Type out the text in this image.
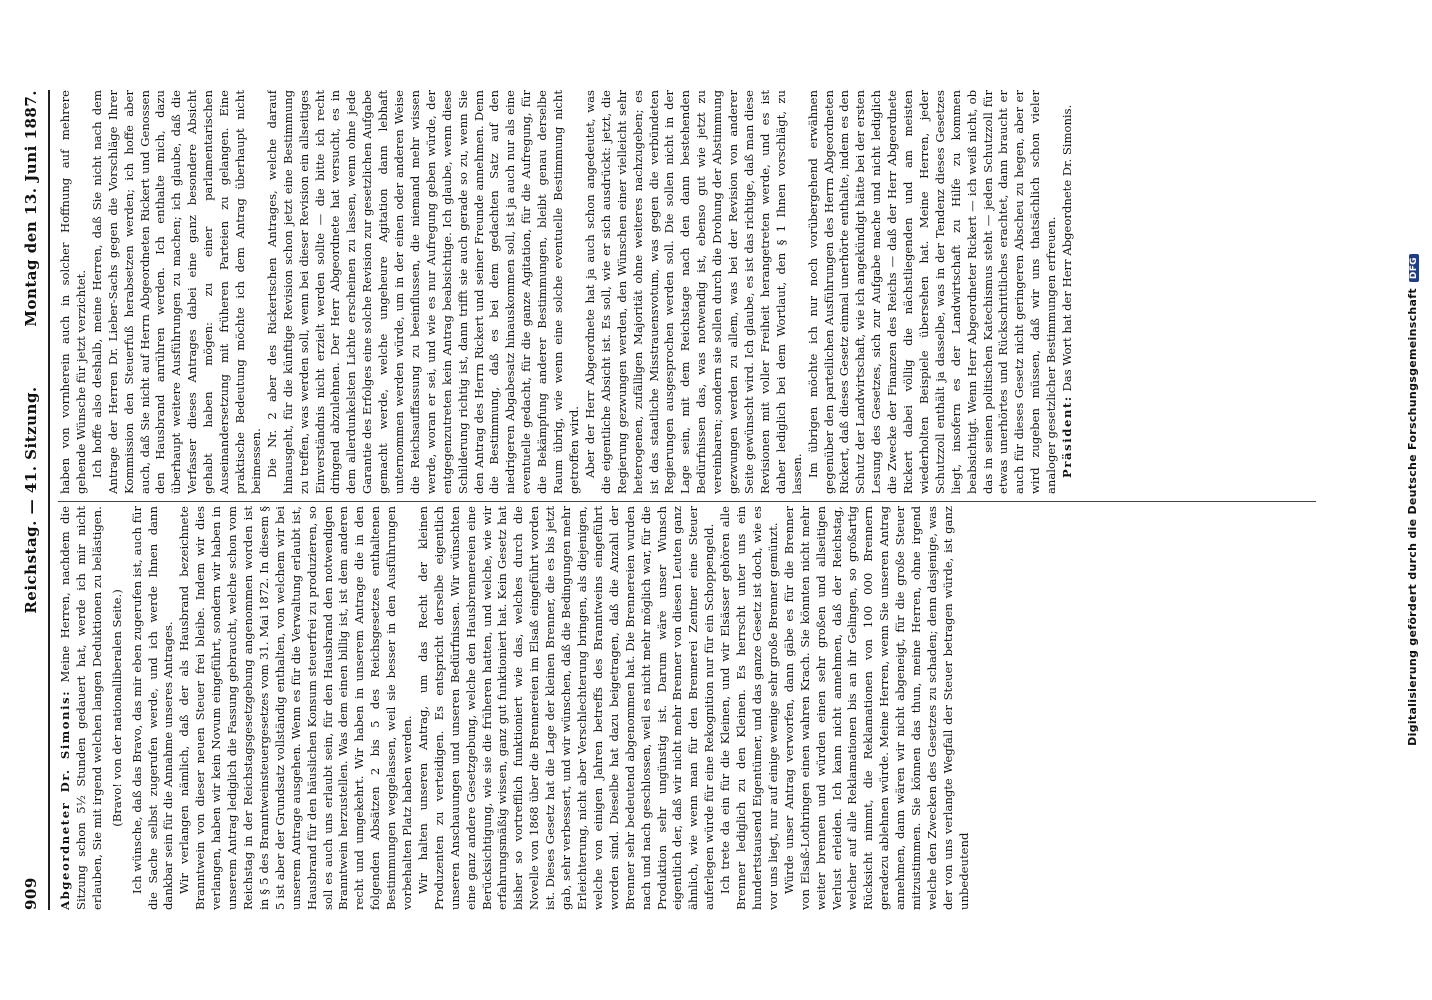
909
Reichstag. — 41. Sitzung.
Montag den 13. Juni 1887.

Abgeordneter Dr. Simonis: Meine Herren, nachdem die Sitzung schon 5½ Stunden gedauert hat, werde ich mir nicht erlauben, Sie mit irgend welchen langen Deduktionen zu belästigen. (Bravo! von der nationalliberalen Seite.) Ich wünsche, daß das Bravo, das mir eben zugerufen ist, auch für die Sache selbst zugerufen werde, und ich werde Ihnen dann dankbar sein für die Annahme unseres Antrages. Wir verlangen nämlich, daß der als Hausbrand bezeichnete Branntwein von dieser neuen Steuer frei bleibe. Indem wir dies verlangen, haben wir kein Novum eingeführt, sondern wir haben in unserem Antrag lediglich die Fassung gebraucht, welche schon vom Reichstag in der Reichstagsgesetzgebung angenommen worden ist in § 5 des Branntweinsteuergesetzes vom 31. Mai 1872. In diesem § 5 ist aber der Grundsatz vollständig enthalten, von welchem wir bei unserem Antrage ausgehen. Wenn es für die Verwaltung erlaubt ist, Hausbrand für den häuslichen Konsum steuerfrei zu produzieren, so soll es auch uns erlaubt sein, für den Hausbrand den notwendigen Branntwein herzustellen. Was dem einen billig ist, ist dem anderen recht und umgekehrt. Wir haben in unserem Antrage die in den folgenden Absätzen 2 bis 5 des Reichsgesetzes enthaltenen Bestimmungen weggelassen, weil sie besser in den Ausführungen vorbehalten Platz haben werden. Wir halten unseren Antrag, um das Recht der kleinen Produzenten zu verteidigen. Es entspricht derselbe eigentlich unseren Anschauungen und unseren Bedürfnissen. Wir wünschten eine ganz andere Gesetzgebung, welche den Hausbrennereien eine Berücksichtigung, wie sie die früheren hatten, und welche, wie wir erfahrungsmäßig wissen, ganz gut funktioniert hat. Kein Gesetz hat bisher so vortrefflich funktioniert wie das, welches durch die Novelle von 1868 über die Brennereien im Elsaß eingeführt worden ist. Dieses Gesetz hat die Lage der kleinen Brenner, die es bis jetzt gab, sehr verbessert, und wir wünschen, daß die Bedingungen mehr Erleichterung, nicht aber Verschlechterung bringen, als diejenigen, welche von einigen Jahren betreffs des Branntweins eingeführt worden sind. Dieselbe hat dazu beigetragen, daß die Anzahl der Brenner sehr bedeutend abgenommen hat. Die Brennereien wurden nach und nach geschlossen, weil es nicht mehr möglich war, für die Produktion sehr ungünstig ist. Darum wäre unser Wunsch eigentlich der, daß wir nicht mehr Brenner von diesen Leuten ganz ähnlich, wie wenn man für den Brennerei Zentner eine Steuer auferlegen würde für eine Rekognition nur für ein Schoppengeld. Ich trete da ein für die Kleinen, und wir Elsässer gehören alle Brenner lediglich zu den Kleinen. Es herrscht unter uns ein hundertstausend Eigentümer, und das ganze Gesetz ist doch, wie es vor uns liegt, nur auf einige wenige sehr große Brenner gemünzt. Würde unser Antrag verworfen, dann gäbe es für die Brenner von Elsaß-Lothringen einen wahren Krach. Sie könnten nicht mehr weiter brennen und würden einen sehr großen und allseitigen Verlust erleiden. Ich kann nicht annehmen, daß der Reichstag, welcher auf alle Reklamationen bis an ihr Gelingen, so großartig Rücksicht nimmt, die Reklamationen von 100 000 Brennern geradezu ablehnen würde. Meine Herren, wenn Sie unseren Antrag annehmen, dann wären wir nicht abgeneigt, für die große Steuer mitzustimmen. Sie können das thun, meine Herren, ohne irgend welche den Zwecken des Gesetzes zu schaden; denn dasjenige, was der von uns verlangte Wegfall der Steuer betragen würde, ist ganz unbedeutend

haben von vornherein auch in solcher Hoffnung auf mehrere gehende Wünsche für jetzt verzichtet. Ich hoffe also deshalb, meine Herren, daß Sie nicht nach dem Antrage der Herren Dr. Lieber-Sachs gegen die Vorschläge Ihrer Kommission den Steuerfuß herabsetzen werden; ich hoffe aber auch, daß Sie nicht auf Herrn Abgeordneten Rickert und Genossen den Hausbrand anrühren werden. Ich enthalte mich, dazu überhaupt weitere Ausführungen zu machen; ich glaube, daß die Verfasser dieses Antrages dabei eine ganz besondere Absicht gehabt haben mögen: zu einer parlamentarischen Auseinandersetzung mit früheren Parteien zu gelangen. Eine praktische Bedeutung möchte ich dem Antrag überhaupt nicht beimessen. Die Nr. 2 aber des Rickertschen Antrages, welche darauf hinausgeht, für die künftige Revision schon jetzt eine Bestimmung zu treffen, was werden soll, wenn bei dieser Revision ein allseitiges Einverständnis nicht erzielt werden sollte — die bitte ich recht dringend abzulehnen. Der Herr Abgeordnete hat versucht, es in dem allerdunkelsten Lichte erscheinen zu lassen, wenn ohne jede Garantie des Erfolges eine solche Revision zur gesetzlichen Aufgabe gemacht werde, welche ungeheure Agitation dann lebhaft unternommen werden würde, um in der einen oder anderen Weise die Reichsauffassung zu beeinflussen, die niemand mehr wissen werde, woran er sei, und wie es nur Aufregung geben würde, der entgegenzutreten kein Antrag beabsichtige. Ich glaube, wenn diese Schilderung richtig ist, dann trifft sie auch gerade so zu, wenn Sie den Antrag des Herrn Rickert und seiner Freunde annehmen. Denn die Bestimmung, daß es bei dem gedachten Satz auf den niedrigeren Abgabesatz hinauskommen soll, ist ja auch nur als eine eventuelle gedacht, für die ganze Agitation, für die Aufregung, für die Bekämpfung anderer Bestimmungen, bleibt genau derselbe Raum übrig, wie wenn eine solche eventuelle Bestimmung nicht getroffen wird. Aber der Herr Abgeordnete hat ja auch schon angedeutet, was die eigentliche Absicht ist. Es soll, wie er sich ausdrückt: jetzt, die Regierung gezwungen werden, den Wünschen einer vielleicht sehr heterogenen, zufälligen Majorität ohne weiteres nachzugeben; es ist das staatliche Misstrauensvotum, was gegen die verbündeten Regierungen ausgesprochen werden soll. Die sollen nicht in der Lage sein, mit dem Reichstage nach den dann bestehenden Bedürfnissen das, was notwendig ist, ebenso gut wie jetzt zu vereinbaren; sondern sie sollen durch die Drohung der Abstimmung gezwungen werden zu allem, was bei der Revision von anderer Seite gewünscht wird. Ich glaube, es ist das richtige, daß man diese Revisionen mit voller Freiheit herangetreten werde, und es ist daher lediglich bei dem Wortlaut, den § 1 Ihnen vorschlägt, zu lassen. Im übrigen möchte ich nur noch vorübergehend erwähnen gegenüber den parteilichen Ausführungen des Herrn Abgeordneten Rickert, daß dieses Gesetz einmal unerhörte enthalte, indem es den Schutz der Landwirtschaft, wie ich angekündigt hätte bei der ersten Lesung des Gesetzes, sich zur Aufgabe mache und nicht lediglich die Zwecke der Finanzen des Reichs — daß der Herr Abgeordnete Rickert dabei völlig die nächstliegenden und am meisten wiederholten Beispiele übersehen hat. Meine Herren, jeder Schutzzoll enthält ja dasselbe, was in der Tendenz dieses Gesetzes liegt, insofern es der Landwirtschaft zu Hilfe zu kommen beabsichtigt. Wenn Herr Abgeordneter Rickert — ich weiß nicht, ob das in seinen politischen Katechismus steht — jeden Schutzzoll für etwas unerhörtes und Rückschrittliches erachtet, dann braucht er auch für dieses Gesetz nicht geringeren Abscheu zu hegen, aber er wird zugeben müssen, daß wir uns thatsächlich schon vieler analoger gesetzlicher Bestimmungen erfreuen. Präsident: Das Wort hat der Herr Abgeordnete Dr. Simonis.

Digitalisierung gefördert durch die Deutsche ForschungsgemeinschaftDFG
